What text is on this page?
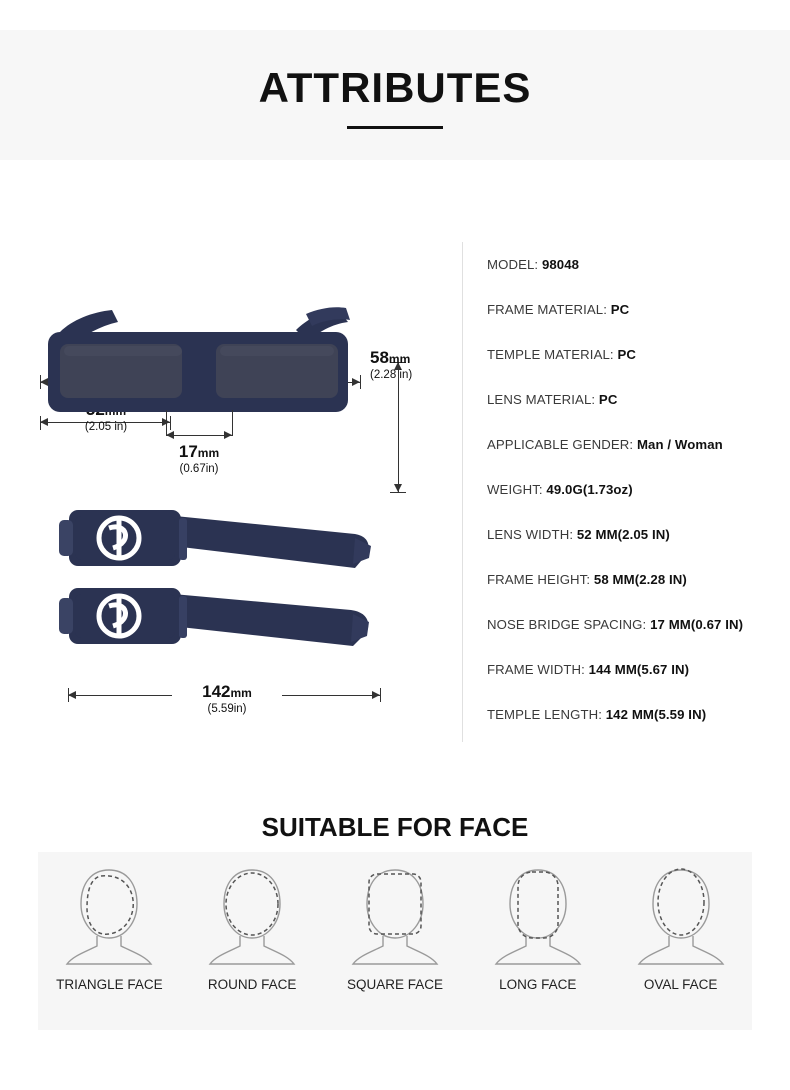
ATTRIBUTES
(2.05 in)
58mm
(2.28 in)
17mm
(0.67in)
142mm
(5.59in)
MODEL: 98048
FRAME MATERIAL: PC
TEMPLE MATERIAL: PC
LENS MATERIAL: PC
APPLICABLE GENDER: Man / Woman
WEIGHT: 49.0G(1.73oz)
LENS WIDTH: 52 MM(2.05 IN)
FRAME HEIGHT: 58 MM(2.28 IN)
NOSE BRIDGE SPACING: 17 MM(0.67 IN)
FRAME WIDTH: 144 MM(5.67 IN)
TEMPLE LENGTH: 142 MM(5.59 IN)
SUITABLE FOR FACE
TRIANGLE FACE	ROUND FACE	SQUARE FACE	LONG FACE	OVAL FACE
